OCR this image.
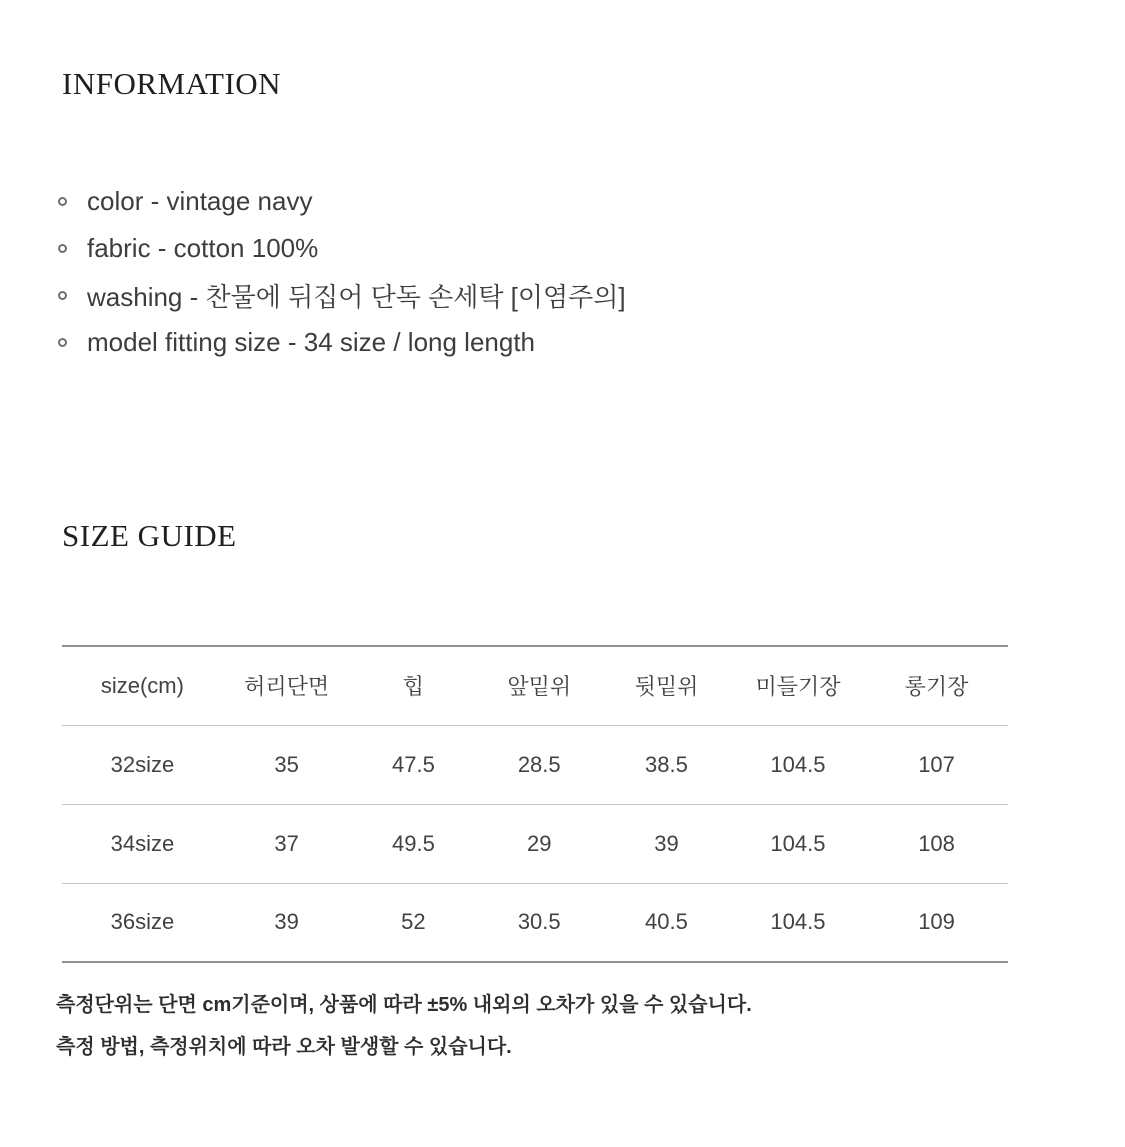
INFORMATION
color - vintage navy
fabric - cotton 100%
washing - 찬물에 뒤집어 단독 손세탁 [이염주의]
model fitting size - 34 size / long length
SIZE GUIDE
size(cm)	허리단면	힙	앞밑위	뒷밑위	미들기장	롱기장
32size	35	47.5	28.5	38.5	104.5	107
34size	37	49.5	29	39	104.5	108
36size	39	52	30.5	40.5	104.5	109

측정단위는 단면 cm기준이며, 상품에 따라 ±5% 내외의 오차가 있을 수 있습니다.

측정 방법, 측정위치에 따라 오차 발생할 수 있습니다.
